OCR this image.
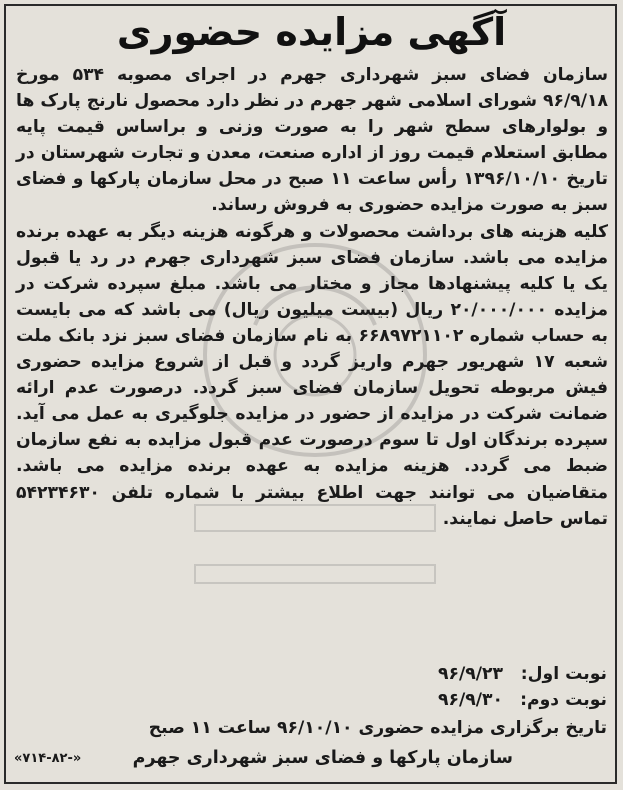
آگهی مزایده حضوری

سازمان فضای سبز شهرداری جهرم در اجرای مصوبه ۵۳۴ مورخ ۹۶/۹/۱۸ شورای اسلامی شهر جهرم در نظر دارد محصول نارنج پارک ها و بولوارهای سطح شهر را به صورت وزنی و براساس قیمت پایه مطابق استعلام قیمت روز از اداره صنعت، معدن و تجارت شهرستان در تاریخ ۱۳۹۶/۱۰/۱۰ رأس ساعت ۱۱ صبح در محل سازمان پارکها و فضای سبز به صورت مزایده حضوری به فروش رساند.

کلیه هزینه های برداشت محصولات و هرگونه هزینه دیگر به عهده برنده مزایده می باشد. سازمان فضای سبز شهرداری جهرم در رد یا قبول یک یا کلیه پیشنهادها مجاز و مختار می باشد. مبلغ سپرده شرکت در مزایده ۲۰/۰۰۰/۰۰۰ ریال (بیست میلیون ریال) می باشد که می بایست به حساب شماره ۶۶۸۹۷۲۱۱۰۲ به نام سازمان فضای سبز نزد بانک ملت شعبه ۱۷ شهریور جهرم واریز گردد و قبل از شروع مزایده حضوری فیش مربوطه تحویل سازمان فضای سبز گردد. درصورت عدم ارائه ضمانت شرکت در مزایده از حضور در مزایده جلوگیری به عمل می آید. سپرده برندگان اول تا سوم درصورت عدم قبول مزایده به نفع سازمان ضبط می گردد. هزینه مزایده به عهده برنده مزایده می باشد. متقاضیان می توانند جهت اطلاع بیشتر با شماره تلفن ۵۴۲۳۴۶۳۰ تماس حاصل نمایند.

نوبت اول: ۹۶/۹/۲۳
نوبت دوم: ۹۶/۹/۳۰
تاریخ برگزاری مزایده حضوری ۹۶/۱۰/۱۰ ساعت ۱۱ صبح
سازمان پارکها و فضای سبز شهرداری جهرم
«۷۱۴-۸۲-»
